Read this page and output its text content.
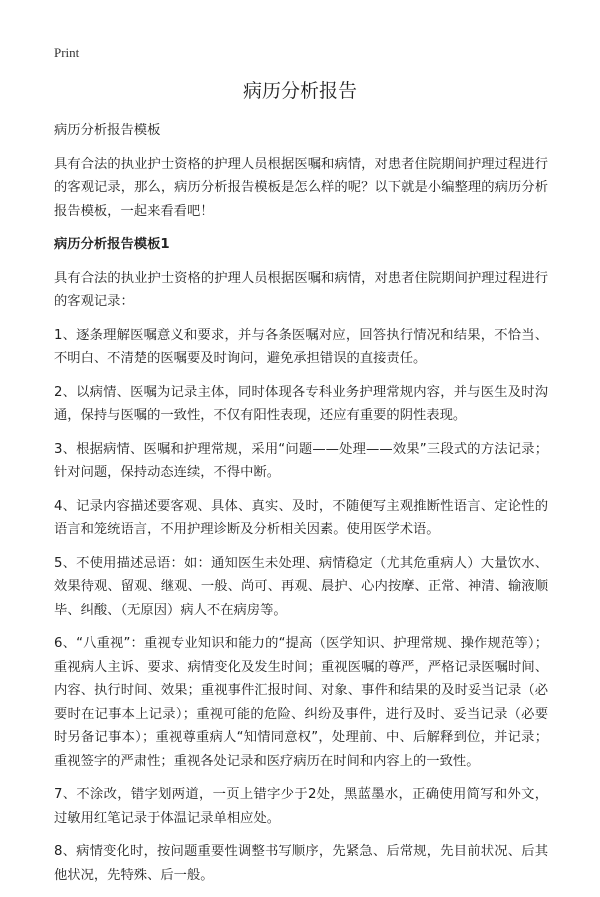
Print
病历分析报告

病历分析报告模板

具有合法的执业护士资格的护理人员根据医嘱和病情，对患者住院期间护理过程进行的客观记录，那么，病历分析报告模板是怎么样的呢？以下就是小编整理的病历分析报告模板，一起来看看吧！

病历分析报告模板1

具有合法的执业护士资格的护理人员根据医嘱和病情，对患者住院期间护理过程进行的客观记录：

1、逐条理解医嘱意义和要求，并与各条医嘱对应，回答执行情况和结果，不恰当、不明白、不清楚的医嘱要及时询问，避免承担错误的直接责任。

2、以病情、医嘱为记录主体，同时体现各专科业务护理常规内容，并与医生及时沟通，保持与医嘱的一致性，不仅有阳性表现，还应有重要的阴性表现。

3、根据病情、医嘱和护理常规，采用“问题——处理——效果”三段式的方法记录；针对问题，保持动态连续，不得中断。

4、记录内容描述要客观、具体、真实、及时，不随便写主观推断性语言、定论性的语言和笼统语言，不用护理诊断及分析相关因素。使用医学术语。

5、不使用描述忌语：如：通知医生未处理、病情稳定（尤其危重病人）大量饮水、效果待观、留观、继观、一般、尚可、再观、晨护、心内按摩、正常、神清、输液顺毕、纠酸、（无原因）病人不在病房等。

6、“八重视”：重视专业知识和能力的“提高（医学知识、护理常规、操作规范等）；重视病人主诉、要求、病情变化及发生时间；重视医嘱的尊严，严格记录医嘱时间、内容、执行时间、效果；重视事件汇报时间、对象、事件和结果的及时妥当记录（必要时在记事本上记录）；重视可能的危险、纠纷及事件，进行及时、妥当记录（必要时另备记事本）；重视尊重病人“知情同意权”，处理前、中、后解释到位，并记录；重视签字的严肃性；重视各处记录和医疗病历在时间和内容上的一致性。

7、不涂改，错字划两道，一页上错字少于2处，黑蓝墨水，正确使用简写和外文，过敏用红笔记录于体温记录单相应处。

8、病情变化时，按问题重要性调整书写顺序，先紧急、后常规，先目前状况、后其他状况，先特殊、后一般。
